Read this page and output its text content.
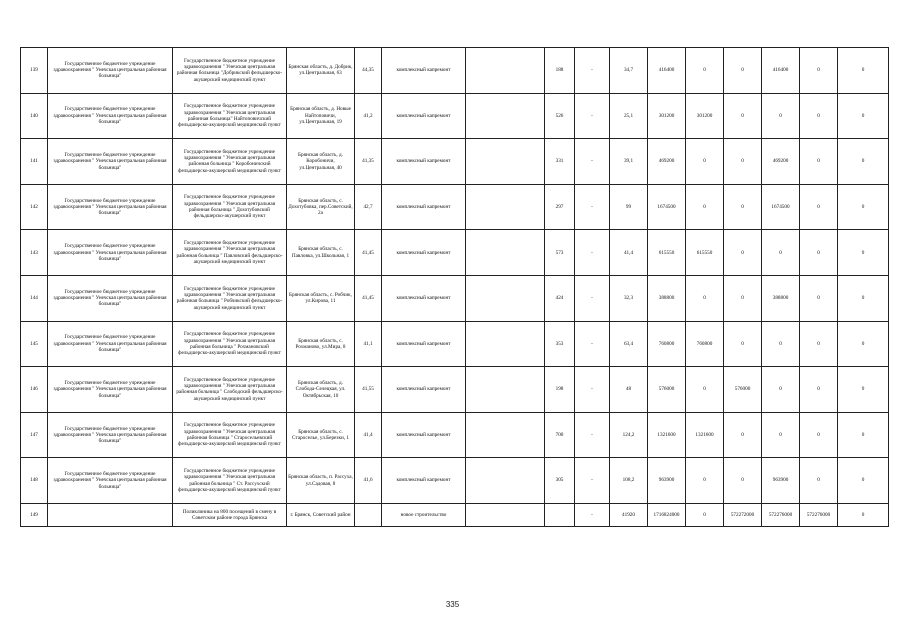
139	Государственное бюджетное учреждение здравоохранения " Унечская центральная районная больница"	Государственное бюджетное учреждение здравоохранения " Унечская центральная районная больница "Добрикский фельдшерско-акушерский медицинский пункт	Брянская область, д. Добрик, ул.Центральная, 63	44,35	комплексный капремонт		188	-	34,7	416400	0	0	416400	0	0
140	Государственное бюджетное учреждение здравоохранения " Унечская центральная районная больница"	Государственное бюджетное учреждение здравоохранения " Унечская центральная районная больница" Найтоповичский фельдшерско-акушерский медицинский пункт	Брянская область, д. Новые Найтоповичи, ул.Центральная, 19	41,2	комплексный капремонт		526	-	25,1	301200	301200	0	0	0	0
141	Государственное бюджетное учреждение здравоохранения " Унечская центральная районная больница"	Государственное бюджетное учреждение здравоохранения " Унечская центральная районная больница " Коробоничский фельдшерско-акушерский медицинский пункт	Брянская область, д. Коробоничи, ул.Центральная, 40	41,35	комплексный капремонт		331	-	39,1	469200	0	0	469200	0	0
142	Государственное бюджетное учреждение здравоохранения " Унечская центральная районная больница"	Государственное бюджетное учреждение здравоохранения " Унечская центральная районная больница " Дохотубовский фельдшерско-акушерский пункт	Брянская область, с. Дохотубовка, пер.Советский, 2а	42,7	комплексный капремонт		297	-	99	1674500	0	0	1674500	0	0
143	Государственное бюджетное учреждение здравоохранения " Унечская центральная районная больница"	Государственное бюджетное учреждение здравоохранения " Унечская центральная районная больница " Павловский фельдшерско-акушерский медицинский пункт	Брянская область, с. Павловка, ул.Школьная, 1	41,45	комплексный капремонт		573	-	41,4	615550	615550	0	0	0	0
144	Государственное бюджетное учреждение здравоохранения " Унечская центральная районная больница"	Государственное бюджетное учреждение здравоохранения " Унечская центральная районная больница " Робчикский фельдшерско-акушерский медицинский пункт	Брянская область, с. Робчик, ул.Кирова, 11	41,45	комплексный капремонт		424	-	32,3	388800	0	0	388800	0	0
145	Государственное бюджетное учреждение здравоохранения " Унечская центральная районная больница"	Государственное бюджетное учреждение здравоохранения " Унечская центральная районная больница " Рохмановский фельдшерско-акушерский медицинский пункт	Брянская область, с. Рохманово, ул.Мира, 8	41,1	комплексный капремонт		353	-	63,4	760800	760800	0	0	0	0
146	Государственное бюджетное учреждение здравоохранения " Унечская центральная районная больница"	Государственное бюджетное учреждение здравоохранения " Унечская центральная районная больница " Слободский фельдшерско-акушерский медицинский пункт	Брянская область, д. Слобода-Селецкая, ул. Октябрьская, 10	41,55	комплексный капремонт		198	-	48	576000	0	576000	0	0	0
147	Государственное бюджетное учреждение здравоохранения " Унечская центральная районная больница"	Государственное бюджетное учреждение здравоохранения " Унечская центральная районная больница " Старосельевский фельдшерско-акушерский медицинский пункт	Брянская область, с. Староселье, ул.Березки, 1	41,4	комплексный капремонт		700	-	124,2	1321600	1321600	0	0	0	0
148	Государственное бюджетное учреждение здравоохранения " Унечская центральная районная больница"	Государственное бюджетное учреждение здравоохранения " Унечская центральная районная больница " Ст. Рассухский фельдшерско-акушерский медицинский пункт	Брянская область, п. Рассуха, ул.Садовая, 8	41,6	комплексный капремонт		305	-	108,2	963900	0	0	963900	0	0
149		Поликлиника на 800 посещений в смену в Советском районе города Брянска	г. Брянск, Советский район		новое строительство			-	41920	1716824000	0	572272000	572276000	572276000	0
335
